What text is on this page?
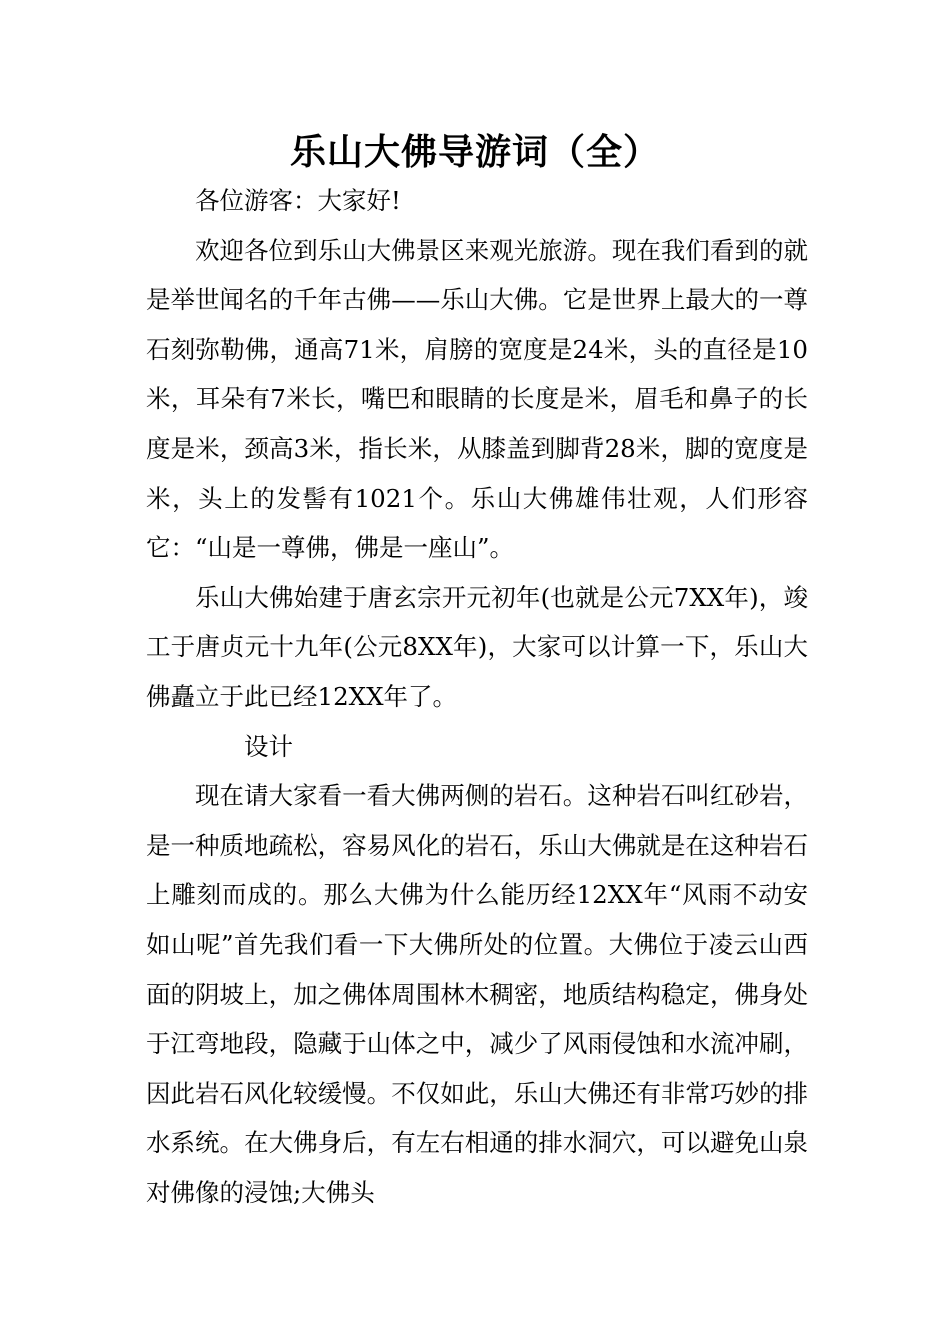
乐山大佛导游词（全）

各位游客：大家好!

欢迎各位到乐山大佛景区来观光旅游。现在我们看到的就是举世闻名的千年古佛——乐山大佛。它是世界上最大的一尊石刻弥勒佛，通高71米，肩膀的宽度是24米，头的直径是10米，耳朵有7米长，嘴巴和眼睛的长度是米，眉毛和鼻子的长度是米，颈高3米，指长米，从膝盖到脚背28米，脚的宽度是米，头上的发髻有1021个。乐山大佛雄伟壮观，人们形容它：“山是一尊佛，佛是一座山”。

乐山大佛始建于唐玄宗开元初年(也就是公元7XX年)，竣工于唐贞元十九年(公元8XX年)，大家可以计算一下，乐山大佛矗立于此已经12XX年了。

设计

现在请大家看一看大佛两侧的岩石。这种岩石叫红砂岩，是一种质地疏松，容易风化的岩石，乐山大佛就是在这种岩石上雕刻而成的。那么大佛为什么能历经12XX年“风雨不动安如山呢”首先我们看一下大佛所处的位置。大佛位于凌云山西面的阴坡上，加之佛体周围林木稠密，地质结构稳定，佛身处于江弯地段，隐藏于山体之中，减少了风雨侵蚀和水流冲刷，因此岩石风化较缓慢。不仅如此，乐山大佛还有非常巧妙的排水系统。在大佛身后，有左右相通的排水洞穴，可以避免山泉对佛像的浸蚀;大佛头
